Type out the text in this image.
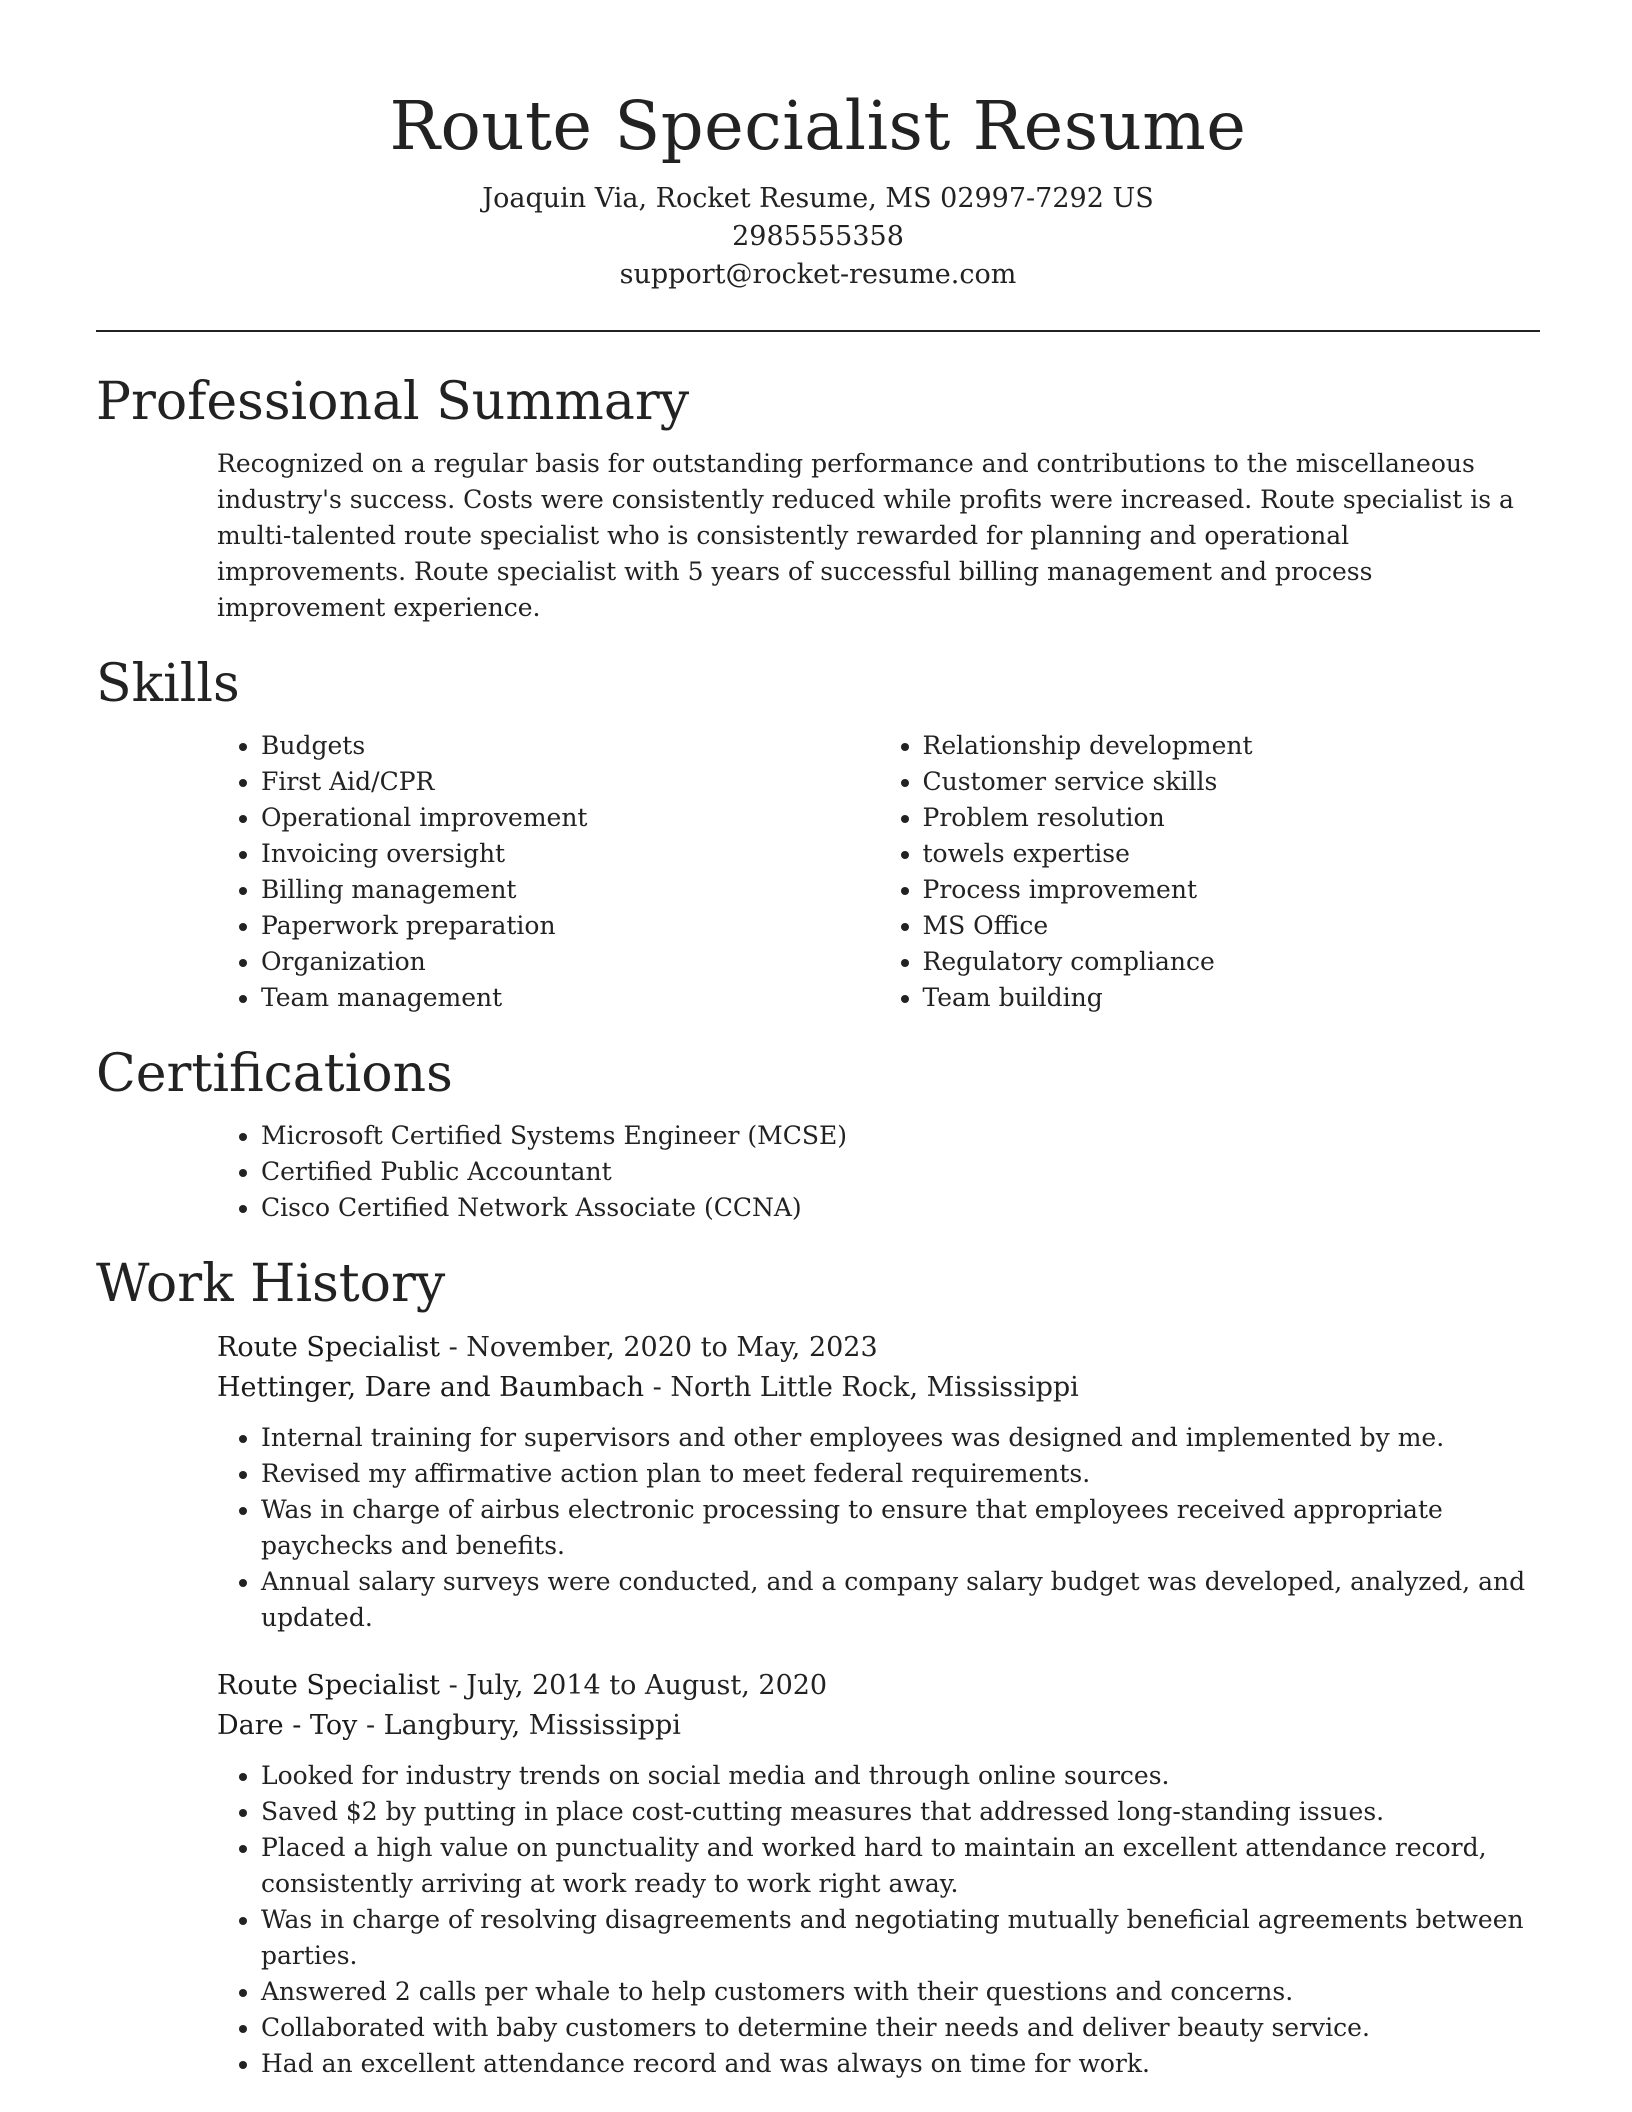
Route Specialist Resume
Joaquin Via, Rocket Resume, MS 02997-7292 US
2985555358
support@rocket-resume.com
Professional Summary
Recognized on a regular basis for outstanding performance and contributions to the miscellaneous industry's success. Costs were consistently reduced while profits were increased. Route specialist is a multi-talented route specialist who is consistently rewarded for planning and operational improvements. Route specialist with 5 years of successful billing management and process improvement experience.
Skills
• Budgets
• First Aid/CPR
• Operational improvement
• Invoicing oversight
• Billing management
• Paperwork preparation
• Organization
• Team management
• Relationship development
• Customer service skills
• Problem resolution
• towels expertise
• Process improvement
• MS Office
• Regulatory compliance
• Team building
Certifications
• Microsoft Certified Systems Engineer (MCSE)
• Certified Public Accountant
• Cisco Certified Network Associate (CCNA)
Work History
Route Specialist - November, 2020 to May, 2023
Hettinger, Dare and Baumbach - North Little Rock, Mississippi
• Internal training for supervisors and other employees was designed and implemented by me.
• Revised my affirmative action plan to meet federal requirements.
• Was in charge of airbus electronic processing to ensure that employees received appropriate paychecks and benefits.
• Annual salary surveys were conducted, and a company salary budget was developed, analyzed, and updated.
Route Specialist - July, 2014 to August, 2020
Dare - Toy - Langbury, Mississippi
• Looked for industry trends on social media and through online sources.
• Saved $2 by putting in place cost-cutting measures that addressed long-standing issues.
• Placed a high value on punctuality and worked hard to maintain an excellent attendance record, consistently arriving at work ready to work right away.
• Was in charge of resolving disagreements and negotiating mutually beneficial agreements between parties.
• Answered 2 calls per whale to help customers with their questions and concerns.
• Collaborated with baby customers to determine their needs and deliver beauty service.
• Had an excellent attendance record and was always on time for work.
